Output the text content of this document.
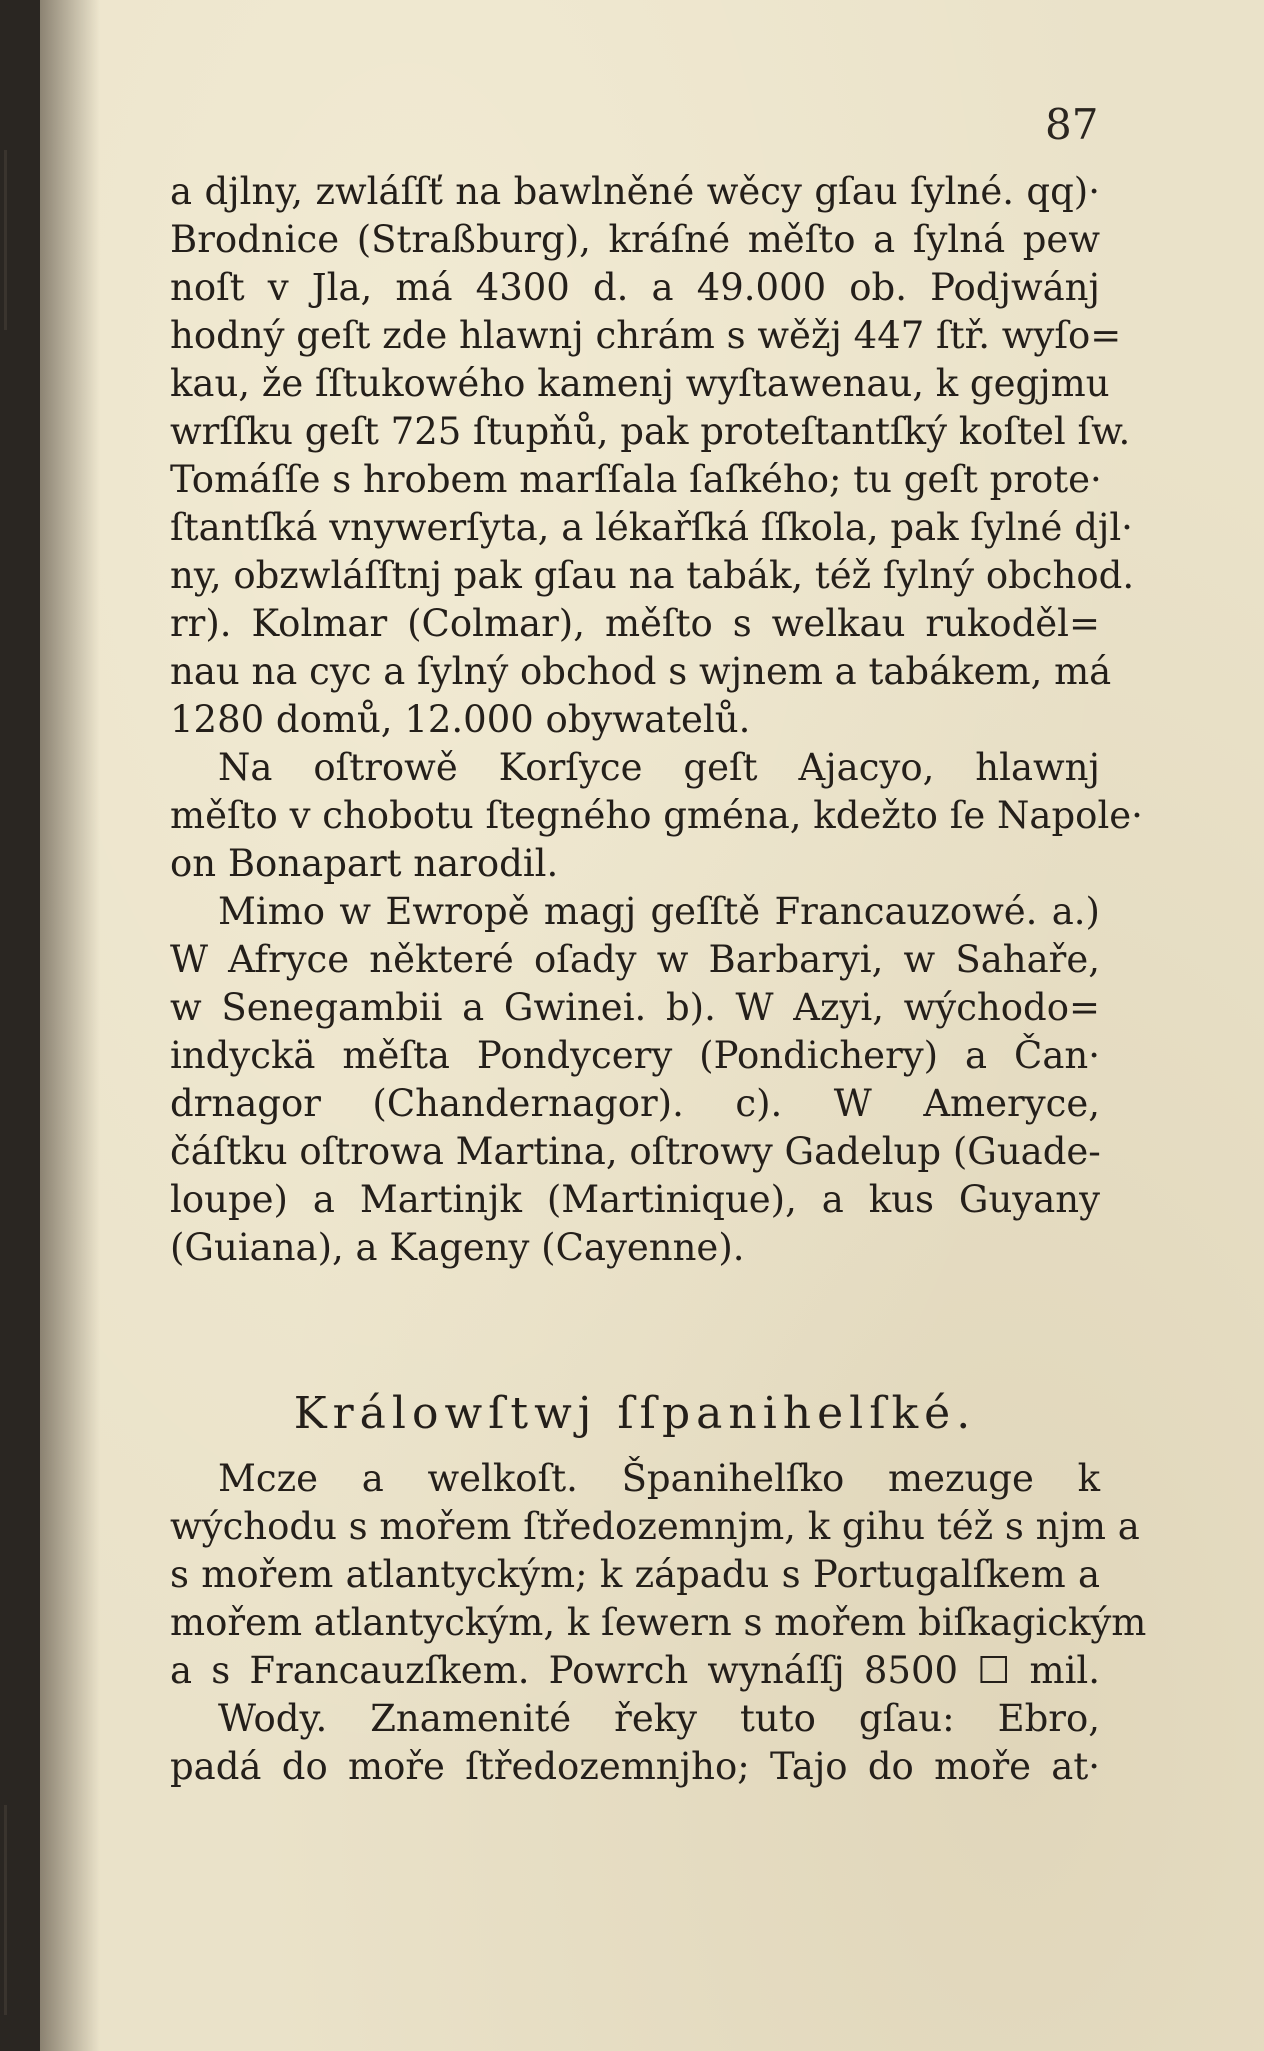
87
a djlny, zwláſſť na bawlněné wěcy gſau ſylné. qq)·
Brodnice (Straßburg), kráſné měſto a ſylná pew
noſt v Jla, má 4300 d. a 49.000 ob. Podjwánj
hodný geſt zde hlawnj chrám s wěžj 447 ſtř. wyſo=
kau, že ſſtukowého kamenj wyſtawenau, k gegjmu
wrſſku geſt 725 ſtupňů, pak proteſtantſký koſtel ſw.
Tomáſſe s hrobem marſſala ſaſkého; tu geſt prote·
ſtantſká vnywerſyta, a lékařſká ſſkola, pak ſylné djl·
ny, obzwláſſtnj pak gſau na tabák, též ſylný obchod.
rr). Kolmar (Colmar), měſto s welkau rukoděl=
nau na cyc a ſylný obchod s wjnem a tabákem, má
1280 domů, 12.000 obywatelů.
Na oſtrowě Korſyce geſt Ajacyo, hlawnj
měſto v chobotu ſtegného gména, kdežto ſe Napole·
on Bonapart narodil.
Mimo w Ewropě magj geſſtě Francauzowé. a.)
W Afryce některé oſady w Barbaryi, w Sahaře,
w Senegambii a Gwinei. b). W Azyi, wýchodo=
indyckä měſta Pondycery (Pondichery) a Čan·
drnagor (Chandernagor). c). W Ameryce,
čáſtku oſtrowa Martina, oſtrowy Gadelup (Guade-
loupe) a Martinjk (Martinique), a kus Guyany
(Guiana), a Kageny (Cayenne).
Králowſtwj ſſpanihelſké.
Mcze a welkoſt. Španihelſko mezuge k
wýchodu s mořem ſtředozemnjm, k gihu též s njm a
s mořem atlantyckým; k západu s Portugalſkem a
mořem atlantyckým, k ſewern s mořem biſkagickým
a s Francauzſkem. Powrch wynáſſj 8500 ☐ mil.
Wody. Znamenité řeky tuto gſau: Ebro,
padá do moře ſtředozemnjho; Tajo do moře at·
